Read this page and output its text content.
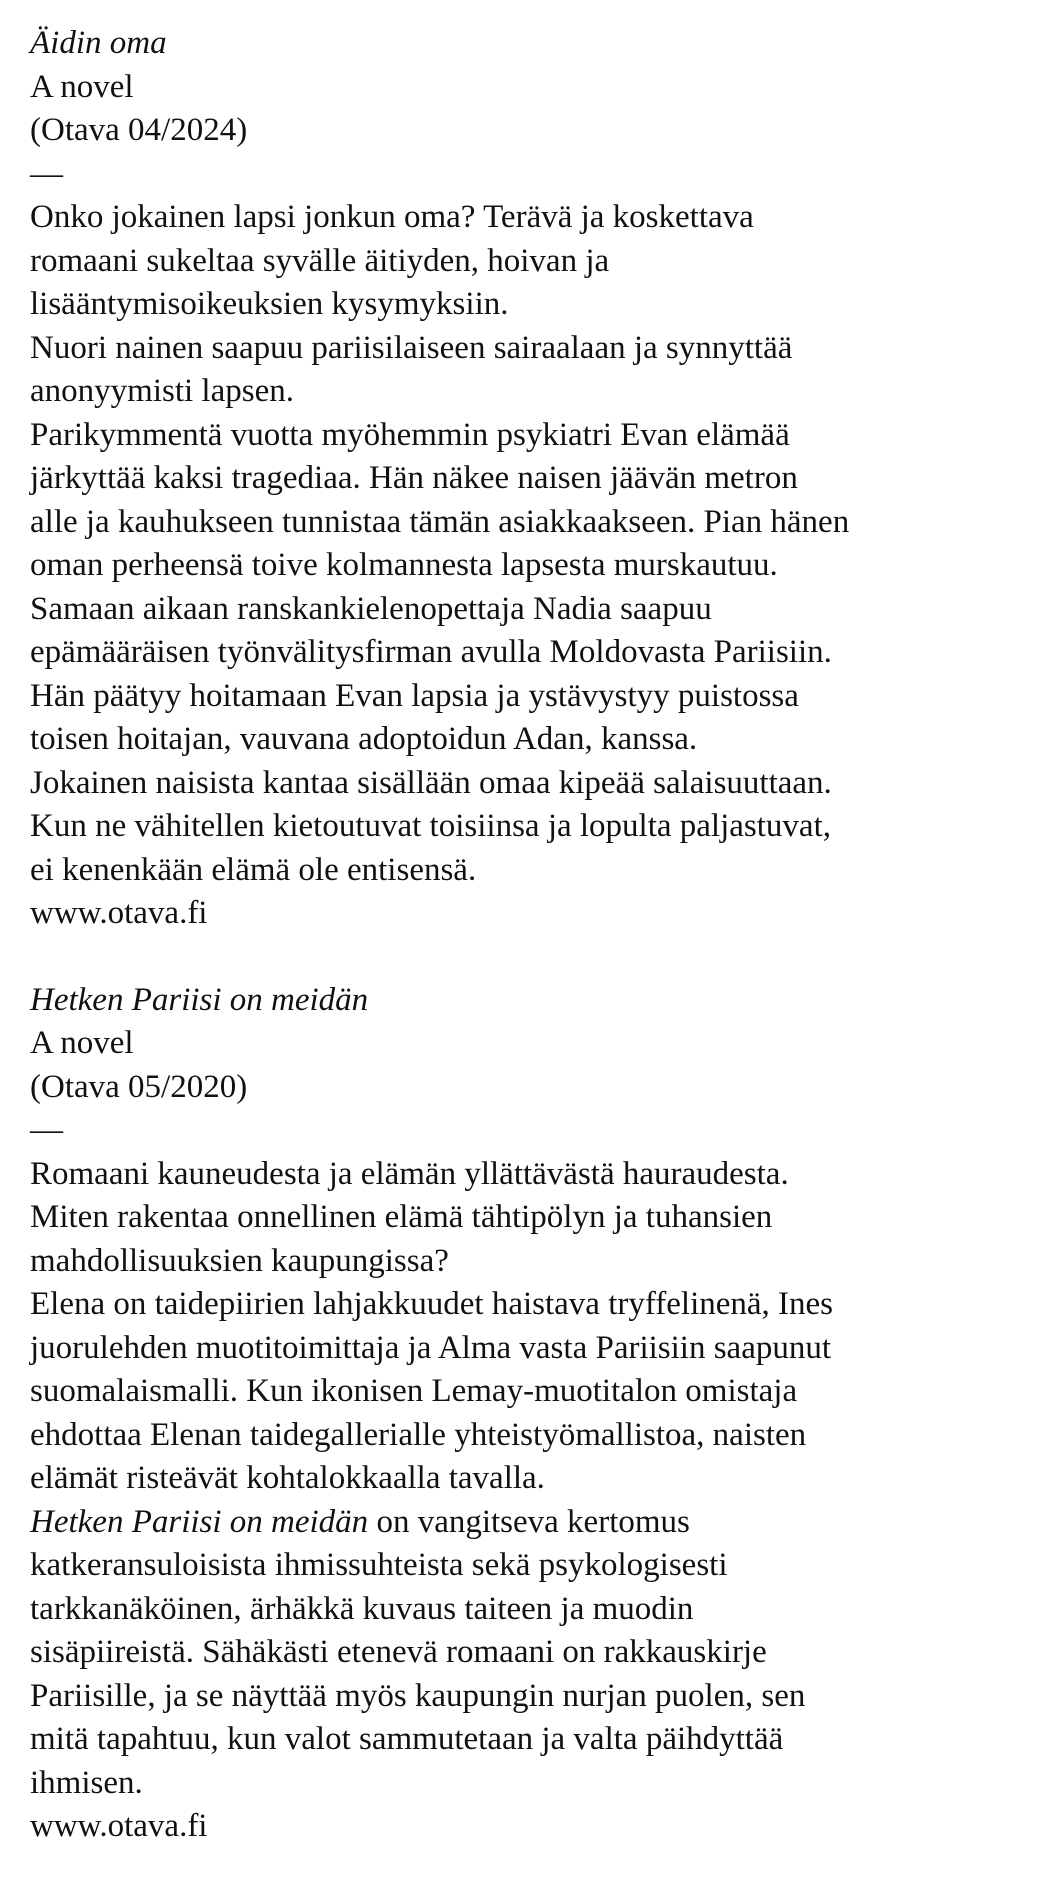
Äidin oma
A novel
(Otava 04/2024)
—
Onko jokainen lapsi jonkun oma? Terävä ja koskettava
romaani sukeltaa syvälle äitiyden, hoivan ja
lisääntymisoikeuksien kysymyksiin.
Nuori nainen saapuu pariisilaiseen sairaalaan ja synnyttää
anonyymisti lapsen.
Parikymmentä vuotta myöhemmin psykiatri Evan elämää
järkyttää kaksi tragediaa. Hän näkee naisen jäävän metron
alle ja kauhukseen tunnistaa tämän asiakkaakseen. Pian hänen
oman perheensä toive kolmannesta lapsesta murskautuu.
Samaan aikaan ranskankielenopettaja Nadia saapuu
epämääräisen työnvälitysfirman avulla Moldovasta Pariisiin.
Hän päätyy hoitamaan Evan lapsia ja ystävystyy puistossa
toisen hoitajan, vauvana adoptoidun Adan, kanssa.
Jokainen naisista kantaa sisällään omaa kipeää salaisuuttaan.
Kun ne vähitellen kietoutuvat toisiinsa ja lopulta paljastuvat,
ei kenenkään elämä ole entisensä.
www.otava.fi
Hetken Pariisi on meidän
A novel
(Otava 05/2020)
—
Romaani kauneudesta ja elämän yllättävästä hauraudesta.
Miten rakentaa onnellinen elämä tähtipölyn ja tuhansien
mahdollisuuksien kaupungissa?
Elena on taidepiirien lahjakkuudet haistava tryffelinenä, Ines
juorulehden muotitoimittaja ja Alma vasta Pariisiin saapunut
suomalaismalli. Kun ikonisen Lemay-muotitalon omistaja
ehdottaa Elenan taidegallerialle yhteistyömallistoa, naisten
elämät risteävät kohtalokkaalla tavalla.
Hetken Pariisi on meidän on vangitseva kertomus
katkeransuloisista ihmissuhteista sekä psykologisesti
tarkkanäköinen, ärhäkkä kuvaus taiteen ja muodin
sisäpiireistä. Sähäkästi etenevä romaani on rakkauskirje
Pariisille, ja se näyttää myös kaupungin nurjan puolen, sen
mitä tapahtuu, kun valot sammutetaan ja valta päihdyttää
ihmisen.
www.otava.fi
